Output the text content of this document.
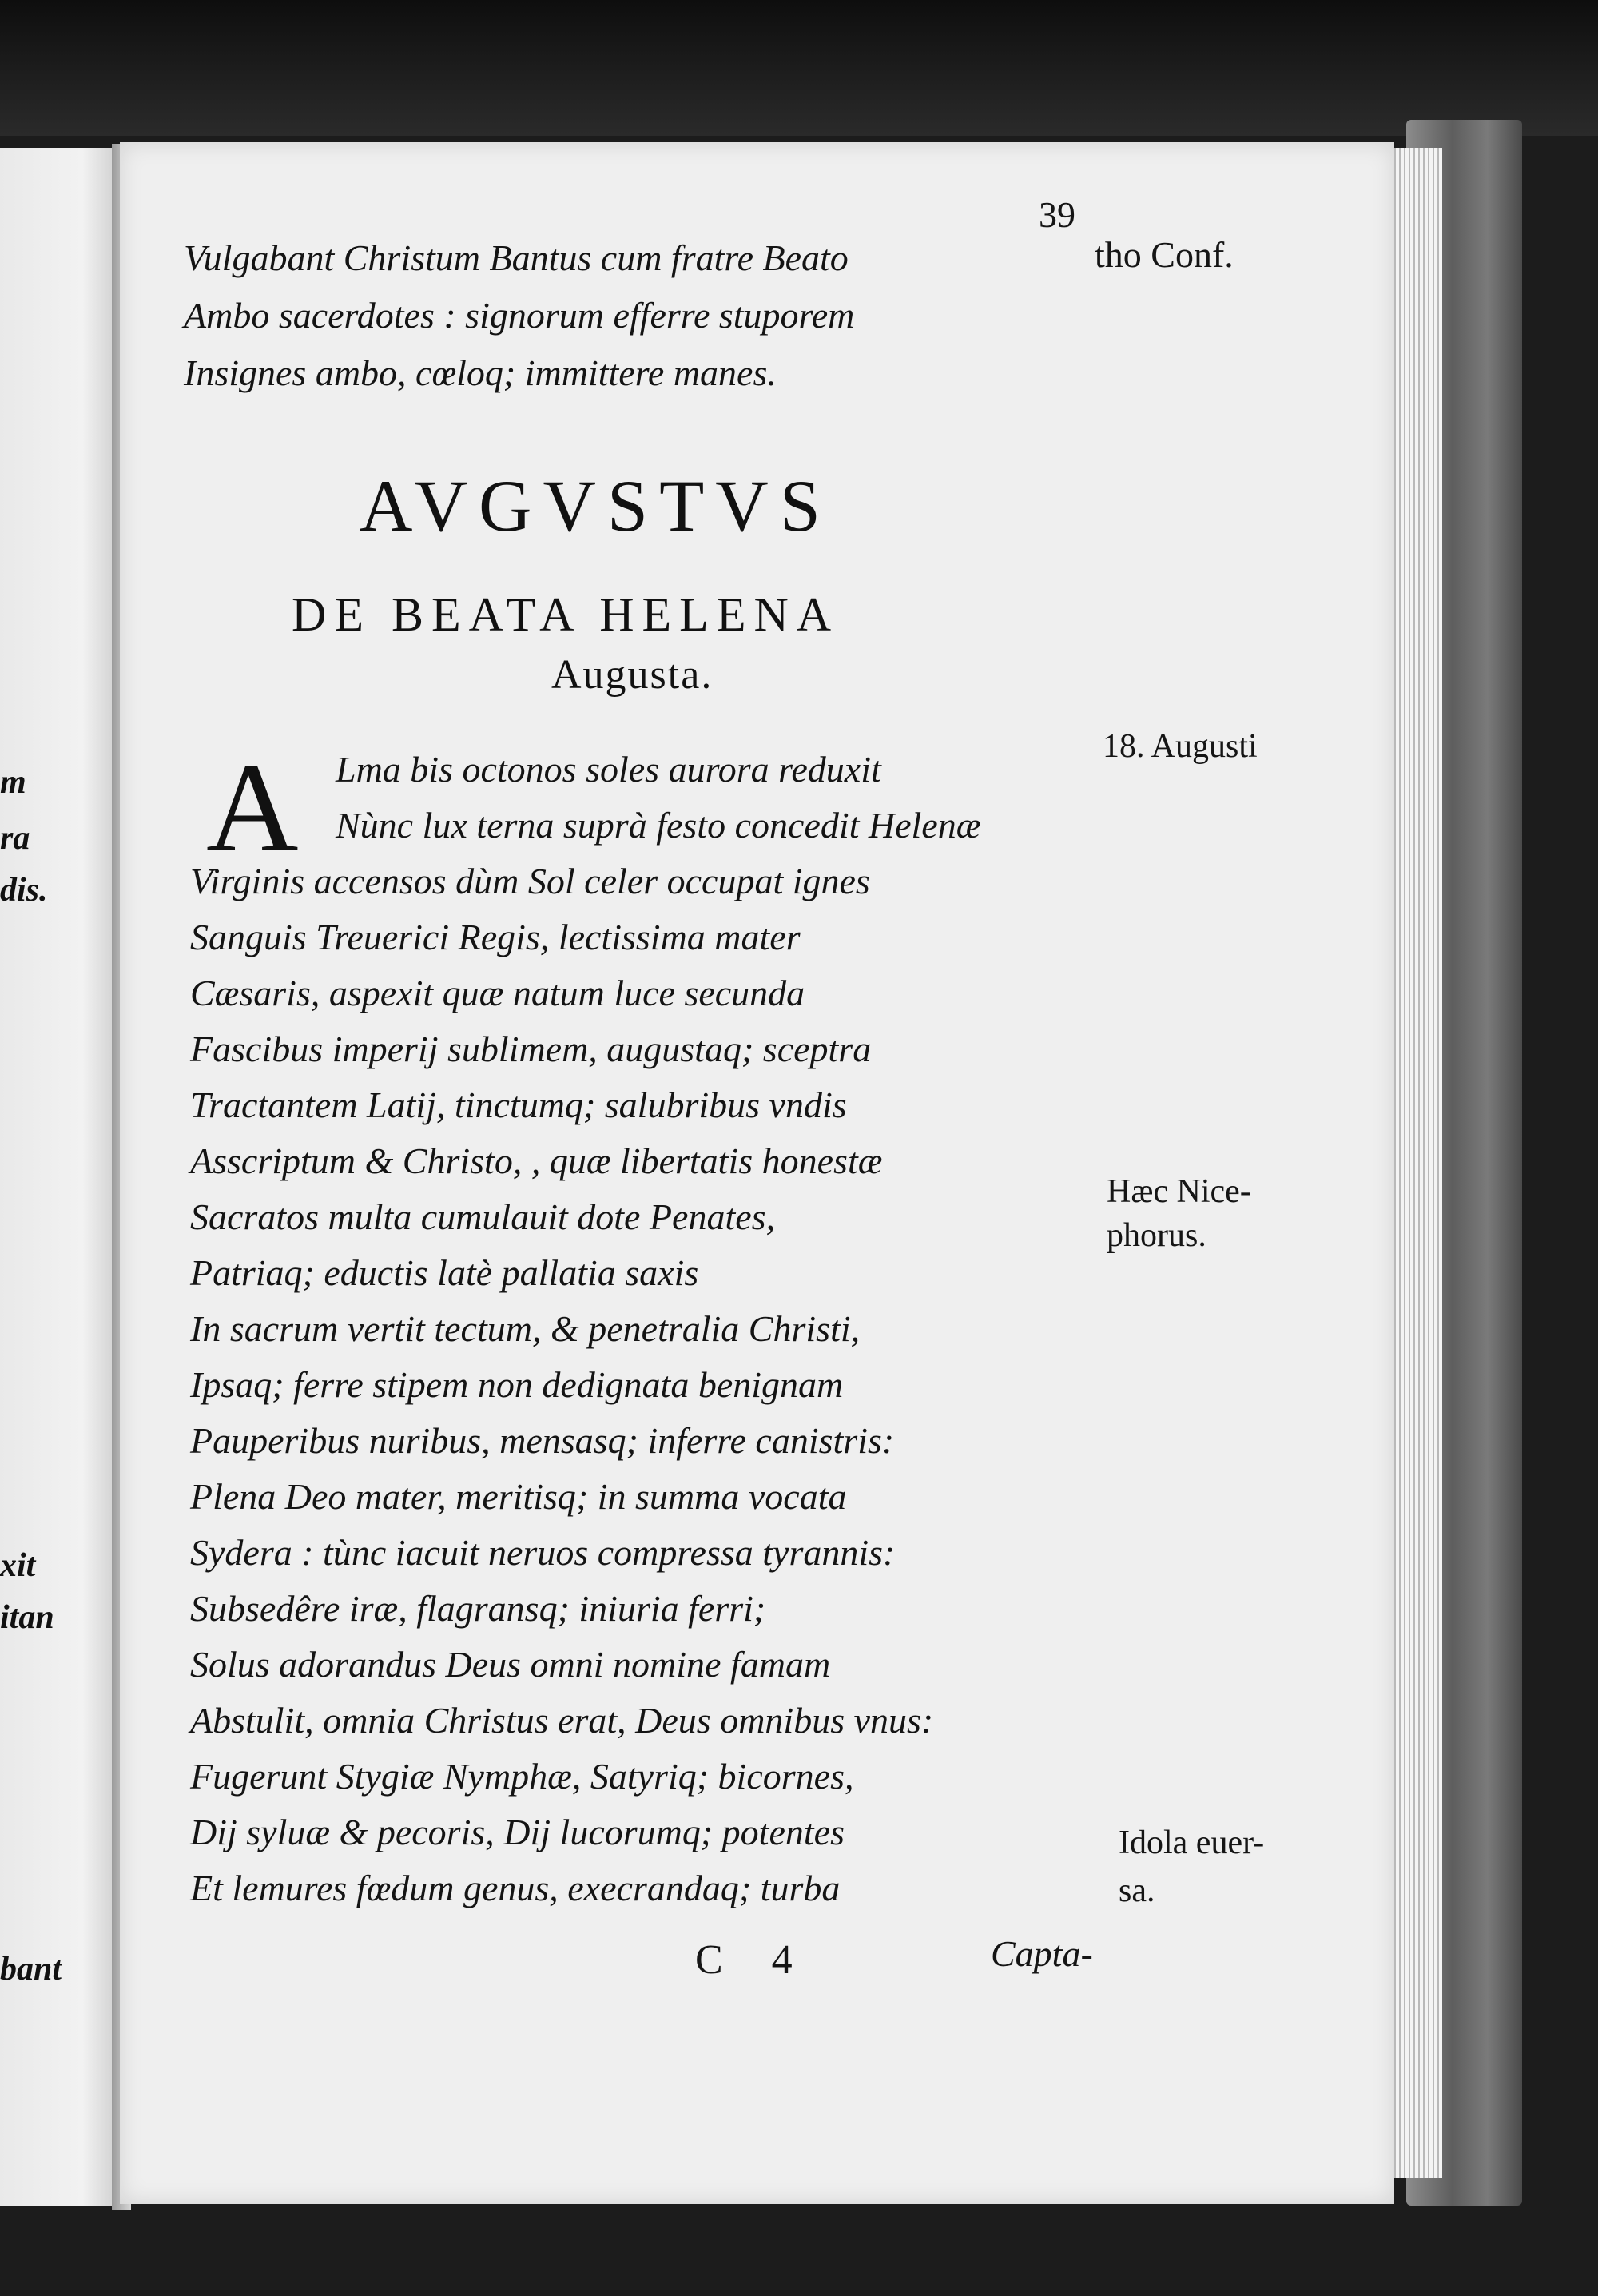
m
ra
dis.
xit
itan
bant
39
tho Conf.
Vulgabant Christum Bantus cum fratre Beato
Ambo sacerdotes : signorum efferre stuporem
Insignes ambo, cœloq; immittere manes.
AVGVSTVS
DE BEATA HELENA
Augusta.
A Lma bis octonos soles aurora reduxit
Nùnc lux terna suprà festo concedit Helenæ
Virginis accensos dùm Sol celer occupat ignes
Sanguis Treuerici Regis, lectissima mater
Cæsaris, aspexit quæ natum luce secunda
Fascibus imperij sublimem, augustaq; sceptra
Tractantem Latij, tinctumq; salubribus vndis
Asscriptum & Christo, , quæ libertatis honestæ
Sacratos multa cumulauit dote Penates,
Patriaq; eductis latè pallatia saxis
In sacrum vertit tectum, & penetralia Christi,
Ipsaq; ferre stipem non dedignata benignam
Pauperibus nuribus, mensasq; inferre canistris:
Plena Deo mater, meritisq; in summa vocata
Sydera : tùnc iacuit neruos compressa tyrannis:
Subsedêre iræ, flagransq; iniuria ferri;
Solus adorandus Deus omni nomine famam
Abstulit, omnia Christus erat, Deus omnibus vnus:
Fugerunt Stygiæ Nymphæ, Satyriq; bicornes,
Dij syluæ & pecoris, Dij lucorumq; potentes
Et lemures fœdum genus, execrandaq; turba
C 4	Capta-
18. Augusti
Hæc Nice-
phorus.
Idola euer-
sa.
